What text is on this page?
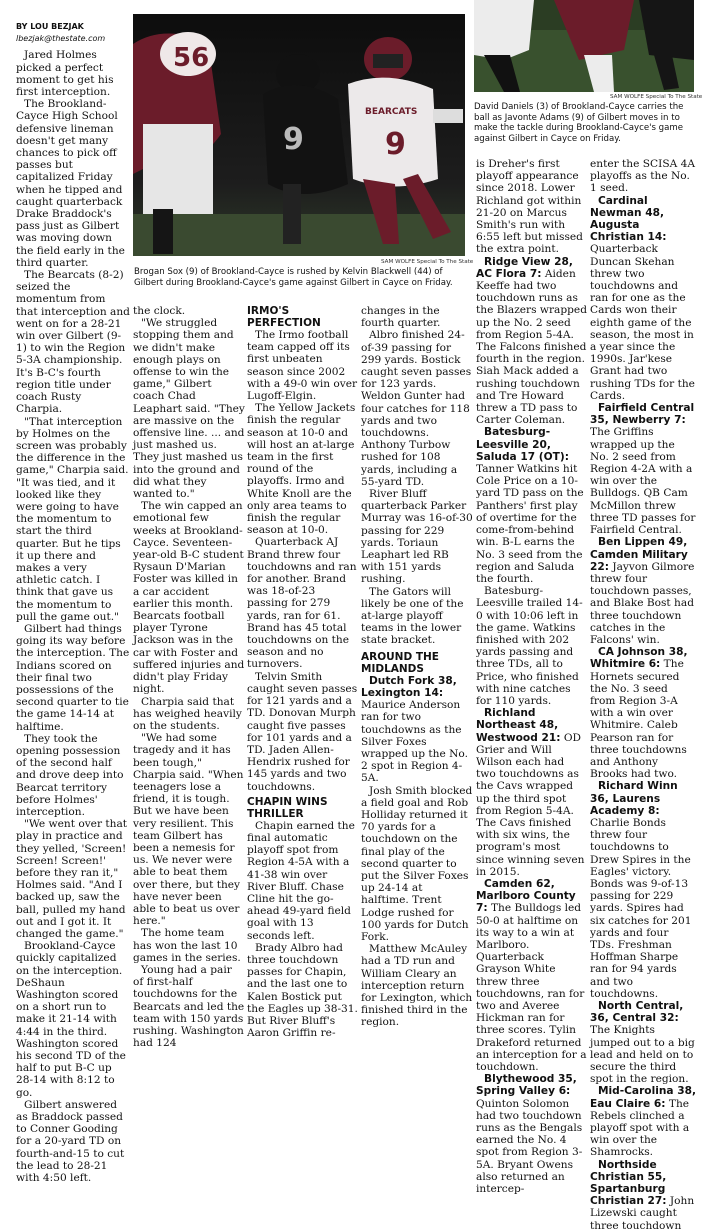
BY LOU BEZJAK
lbezjak@thestate.com

Jared Holmes picked a perfect moment to get his first interception.

The Brookland-Cayce High School defensive lineman doesn't get many chances to pick off passes but capitalized Friday when he tipped and caught quarterback Drake Braddock's pass just as Gilbert was moving down the field early in the third quarter.

The Bearcats (8-2) seized the momentum from that interception and went on for a 28-21 win over Gilbert (9-1) to win the Region 5-3A championship. It's B-C's fourth region title under coach Rusty Charpia.

"That interception by Holmes on the screen was probably the difference in the game," Charpia said. "It was tied, and it looked like they were going to have the momentum to start the third quarter. But he tips it up there and makes a very athletic catch. I think that gave us the momentum to pull the game out."

Gilbert had things going its way before the interception. The Indians scored on their final two possessions of the second quarter to tie the game 14-14 at halftime.

They took the opening possession of the second half and drove deep into Bearcat territory before Holmes' interception.

"We went over that play in practice and they yelled, 'Screen! Screen! Screen!' before they ran it," Holmes said. "And I backed up, saw the ball, pulled my hand out and I got it. It changed the game."

Brookland-Cayce quickly capitalized on the interception. DeShaun Washington scored on a short run to make it 21-14 with 4:44 in the third. Washington scored his second TD of the half to put B-C up 28-14 with 8:12 to go.

Gilbert answered as Braddock passed to Conner Gooding for a 20-yard TD on fourth-and-15 to cut the lead to 28-21 with 4:50 left.

56
9	9
BEARCATS
SAM WOLFE Special To The State
Brogan Sox (9) of Brookland-Cayce is rushed by Kelvin Blackwell (44) of Gilbert during Brookland-Cayce's game against Gilbert in Cayce on Friday.
SAM WOLFE Special To The State
David Daniels (3) of Brookland-Cayce carries the ball as Javonte Adams (9) of Gilbert moves in to make the tackle during Brookland-Cayce's game against Gilbert in Cayce on Friday.

the clock.

"We struggled stopping them and we didn't make enough plays on offense to win the game," Gilbert coach Chad Leaphart said. "They are massive on the offensive line. ... and just mashed us. They just mashed us into the ground and did what they wanted to."

The win capped an emotional few weeks at Brookland-Cayce. Seventeen-year-old B-C student Rysaun D'Marian Foster was killed in a car accident earlier this month. Bearcats football player Tyrone Jackson was in the car with Foster and suffered injuries and didn't play Friday night.

Charpia said that has weighed heavily on the students.

"We had some tragedy and it has been tough," Charpia said. "When teenagers lose a friend, it is tough. But we have been very resilient. This team Gilbert has been a nemesis for us. We never were able to beat them over there, but they have never been able to beat us over here."

The home team has won the last 10 games in the series.

Young had a pair of first-half touchdowns for the Bearcats and led the team with 150 yards rushing. Washington had 124

IRMO'S PERFECTION

The Irmo football team capped off its first unbeaten season since 2002 with a 49-0 win over Lugoff-Elgin.

The Yellow Jackets finish the regular season at 10-0 and will host an at-large team in the first round of the playoffs. Irmo and White Knoll are the only area teams to finish the regular season at 10-0.

Quarterback AJ Brand threw four touchdowns and ran for another. Brand was 18-of-23 passing for 279 yards, ran for 61. Brand has 45 total touchdowns on the season and no turnovers.

Telvin Smith caught seven passes for 121 yards and a TD. Donovan Murph caught five passes for 101 yards and a TD. Jaden Allen-Hendrix rushed for 145 yards and two touchdowns.

CHAPIN WINS THRILLER

Chapin earned the final automatic playoff spot from Region 4-5A with a 41-38 win over River Bluff. Chase Cline hit the go-ahead 49-yard field goal with 13 seconds left.

Brady Albro had three touchdown passes for Chapin, and the last one to Kalen Bostick put the Eagles up 38-31. But River Bluff's Aaron Griffin re-

changes in the fourth quarter.

Albro finished 24-of-39 passing for 299 yards. Bostick caught seven passes for 123 yards. Weldon Gunter had four catches for 118 yards and two touchdowns. Anthony Turbow rushed for 108 yards, including a 55-yard TD.

River Bluff quarterback Parker Murray was 16-of-30 passing for 229 yards. Toriaun Leaphart led RB with 151 yards rushing.

The Gators will likely be one of the at-large playoff teams in the lower state bracket.

AROUND THE MIDLANDS

Dutch Fork 38, Lexington 14: Maurice Anderson ran for two touchdowns as the Silver Foxes wrapped up the No. 2 spot in Region 4-5A.

Josh Smith blocked a field goal and Rob Holliday returned it 70 yards for a touchdown on the final play of the second quarter to put the Silver Foxes up 24-14 at halftime. Trent Lodge rushed for 100 yards for Dutch Fork.

Matthew McAuley had a TD run and William Cleary an interception return for Lexington, which finished third in the region.

is Dreher's first playoff appearance since 2018. Lower Richland got within 21-20 on Marcus Smith's run with 6:55 left but missed the extra point.

Ridge View 28, AC Flora 7: Aiden Keeffe had two touchdown runs as the Blazers wrapped up the No. 2 seed from Region 5-4A. The Falcons finished fourth in the region. Siah Mack added a rushing touchdown and Tre Howard threw a TD pass to Carter Coleman.

Batesburg-Leesville 20, Saluda 17 (OT): Tanner Watkins hit Cole Price on a 10-yard TD pass on the Panthers' first play of overtime for the come-from-behind win. B-L earns the No. 3 seed from the region and Saluda the fourth.

Batesburg-Leesville trailed 14-0 with 10:06 left in the game. Watkins finished with 202 yards passing and three TDs, all to Price, who finished with nine catches for 110 yards.

Richland Northeast 48, Westwood 21: OD Grier and Will Wilson each had two touchdowns as the Cavs wrapped up the third spot from Region 5-4A. The Cavs finished with six wins, the program's most since winning seven in 2015.

Camden 62, Marlboro County 7: The Bulldogs led 50-0 at halftime on its way to a win at Marlboro. Quarterback Grayson White threw three touchdowns, ran for two and Averee Hickman ran for three scores. Tylin Drakeford returned an interception for a touchdown.

Blythewood 35, Spring Valley 6: Quinton Solomon had two touchdown runs as the Bengals earned the No. 4 spot from Region 3-5A. Bryant Owens also returned an intercep-

enter the SCISA 4A playoffs as the No. 1 seed.

Cardinal Newman 48, Augusta Christian 14: Quarterback Duncan Skehan threw two touchdowns and ran for one as the Cards won their eighth game of the season, the most in a year since the 1990s. Jar'kese Grant had two rushing TDs for the Cards.

Fairfield Central 35, Newberry 7: The Griffins wrapped up the No. 2 seed from Region 4-2A with a win over the Bulldogs. QB Cam McMillon threw three TD passes for Fairfield Central.

Ben Lippen 49, Camden Military 22: Jayvon Gilmore threw four touchdown passes, and Blake Bost had three touchdown catches in the Falcons' win.

CA Johnson 38, Whitmire 6: The Hornets secured the No. 3 seed from Region 3-A with a win over Whitmire. Caleb Pearson ran for three touchdowns and Anthony Brooks had two.

Richard Winn 36, Laurens Academy 8: Charlie Bonds threw four touchdowns to Drew Spires in the Eagles' victory. Bonds was 9-of-13 passing for 229 yards. Spires had six catches for 201 yards and four TDs. Freshman Hoffman Sharpe ran for 94 yards and two touchdowns.

North Central, 36, Central 32: The Knights jumped out to a big lead and held on to secure the third spot in the region.

Mid-Carolina 38, Eau Claire 6: The Rebels clinched a playoff spot with a win over the Shamrocks.

Northside Christian 55, Spartanburg Christian 27: John Lizewski caught three touchdown
